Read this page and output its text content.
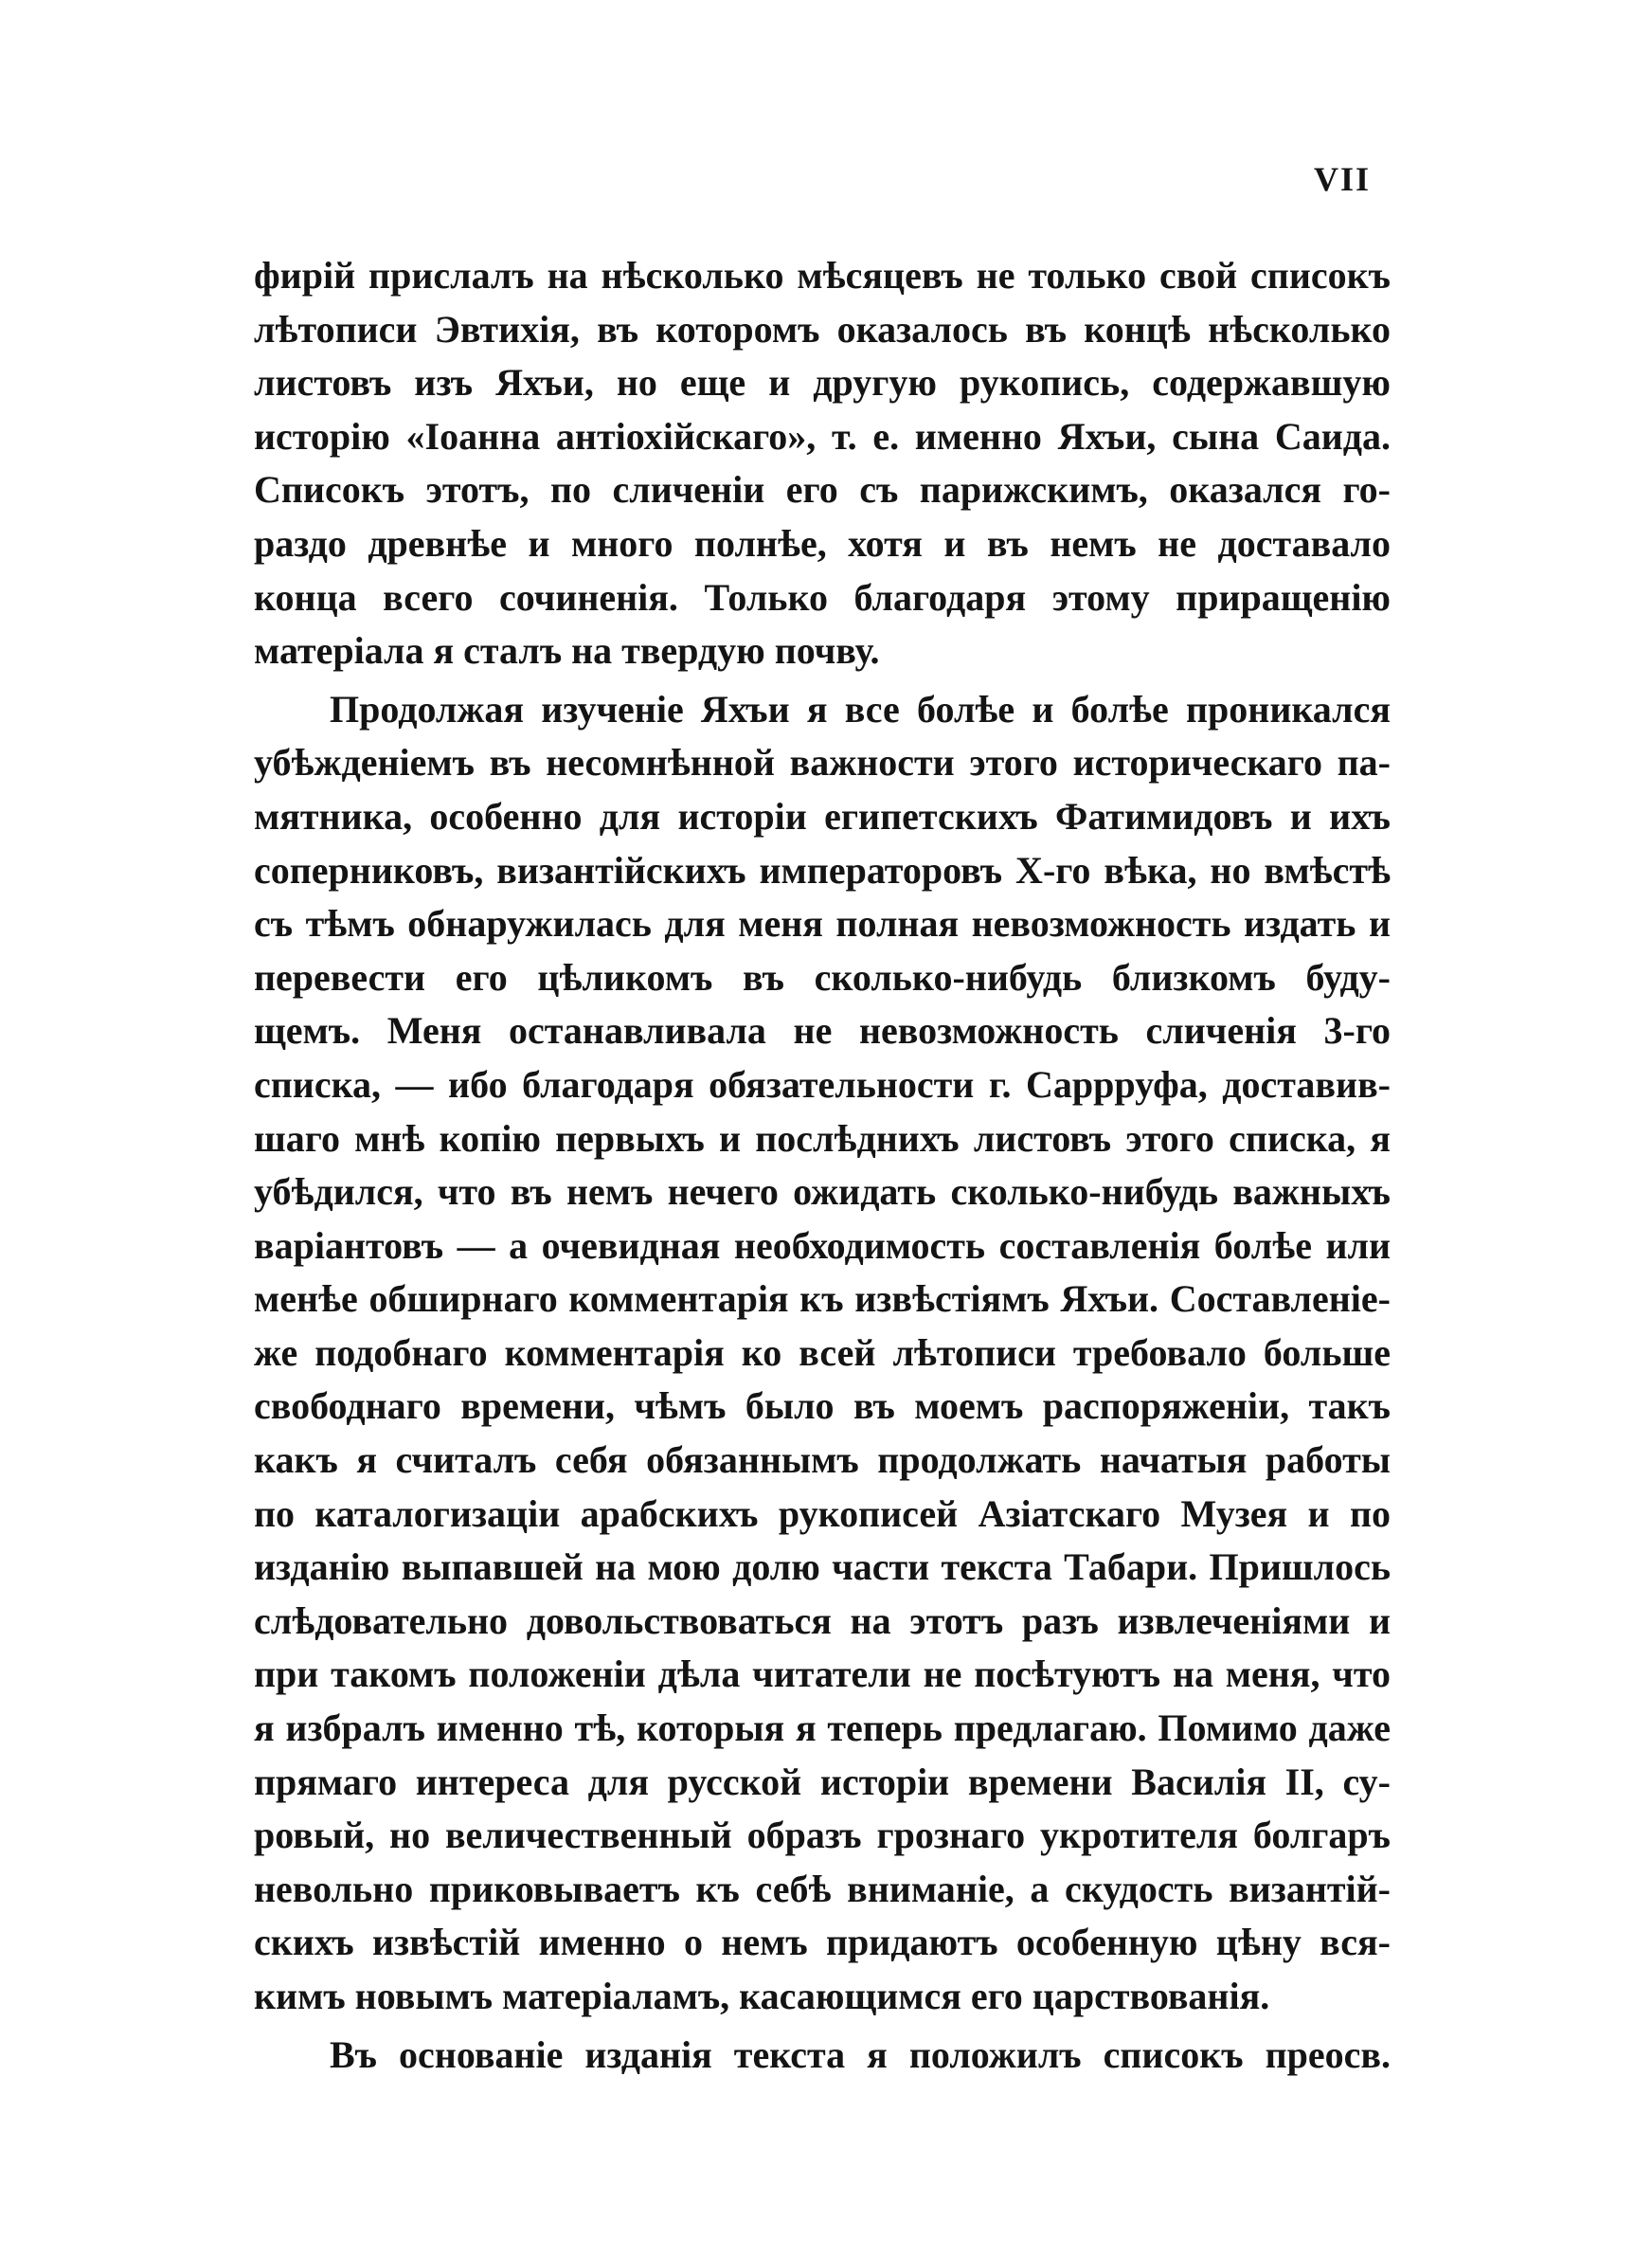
VII
фирій прислалъ на нѣсколько мѣсяцевъ не только свой списокъ
лѣтописи Эвтихія, въ которомъ оказалось въ концѣ нѣсколько
листовъ изъ Яхъи, но еще и другую рукопись, содержавшую
исторію «Іоанна антіохійскаго», т. е. именно Яхъи, сына Саида.
Списокъ этотъ, по сличеніи его съ парижскимъ, оказался го-
раздо древнѣе и много полнѣе, хотя и въ немъ не доставало
конца всего сочиненія. Только благодаря этому приращенію
матеріала я сталъ на твердую почву.
Продолжая изученіе Яхъи я все болѣе и болѣе проникался
убѣжденіемъ въ несомнѣнной важности этого историческаго па-
мятника, особенно для исторіи египетскихъ Фатимидовъ и ихъ
соперниковъ, византійскихъ императоровъ X-го вѣка, но вмѣстѣ
съ тѣмъ обнаружилась для меня полная невозможность издать и
перевести его цѣликомъ въ сколько-нибудь близкомъ буду-
щемъ. Меня останавливала не невозможность сличенія 3-го
списка, — ибо благодаря обязательности г. Саррруфа, доставив-
шаго мнѣ копію первыхъ и послѣднихъ листовъ этого списка, я
убѣдился, что въ немъ нечего ожидать сколько-нибудь важныхъ
варіантовъ — а очевидная необходимость составленія болѣе или
менѣе обширнаго комментарія къ извѣстіямъ Яхъи. Составленіе-
же подобнаго комментарія ко всей лѣтописи требовало больше
свободнаго времени, чѣмъ было въ моемъ распоряженіи, такъ
какъ я считалъ себя обязаннымъ продолжать начатыя работы
по каталогизаціи арабскихъ рукописей Азіатскаго Музея и по
изданію выпавшей на мою долю части текста Табари. Пришлось
слѣдовательно довольствоваться на этотъ разъ извлеченіями и
при такомъ положеніи дѣла читатели не посѣтуютъ на меня, что
я избралъ именно тѣ, которыя я теперь предлагаю. Помимо даже
прямаго интереса для русской исторіи времени Василія II, су-
ровый, но величественный образъ грознаго укротителя болгаръ
невольно приковываетъ къ себѣ вниманіе, а скудость византій-
скихъ извѣстій именно о немъ придаютъ особенную цѣну вся-
кимъ новымъ матеріаламъ, касающимся его царствованія.
Въ основаніе изданія текста я положилъ списокъ преосв.
